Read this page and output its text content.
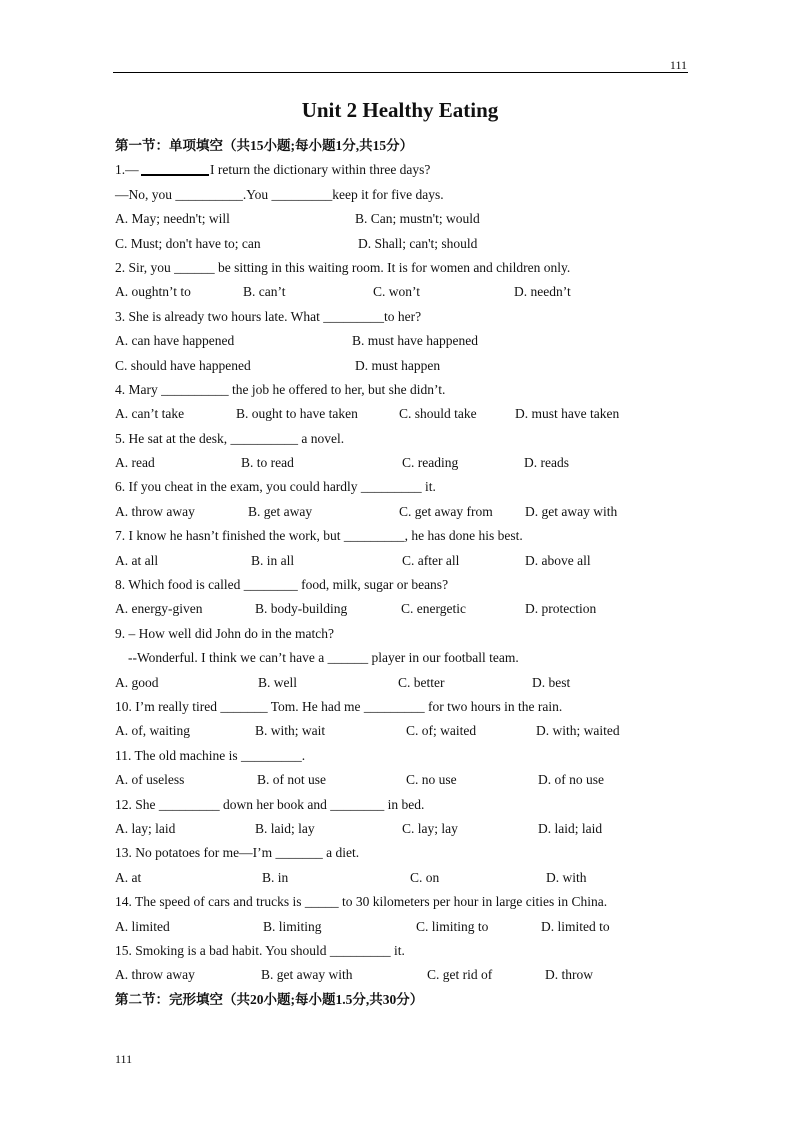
111
Unit 2 Healthy Eating
第一节：单项填空（共15小题;每小题1分,共15分）

1.—

	I return the dictionary within three days?

—No, you __________.You _________keep it for five days.

A. May; needn't; will

	B. Can; mustn't; would

C. Must; don't have to; can

	D. Shall; can't; should

2. Sir, you ______ be sitting in this waiting room. It is for women and children only.

A. oughtn’t to

	B. can’t

	C. won’t

	D. needn’t

3. She is already two hours late. What _________to her?

A. can have happened

	B. must have happened

C. should have happened

	D. must happen

4. Mary __________ the job he offered to her, but she didn’t.

A. can’t take

	B. ought to have taken

	C. should take

	D. must have taken

5. He sat at the desk, __________ a novel.

A. read

	B. to read

	C. reading

	D. reads

6. If you cheat in the exam, you could hardly _________ it.

A. throw away

	B. get away

	C. get away from

D. get away with

7. I know he hasn’t finished the work, but _________, he has done his best.

A. at all

	B. in all

	C. after all

	D. above all

8. Which food is called ________ food, milk, sugar or beans?

A. energy-given

	B. body-building

	C. energetic

	D. protection

9. – How well did John do in the match?
--Wonderful. I think we can’t have a ______ player in our football team.

A. good

	B. well

	C. better

	D. best

10. I’m really tired _______ Tom. He had me _________ for two hours in the rain.

A. of, waiting

	B. with; wait

	C. of; waited

	D. with; waited

11. The old machine is _________.

A. of useless

	B. of not use

	C. no use

	D. of no use

12. She _________ down her book and ________ in bed.

A. lay; laid

	B. laid; lay

	C. lay; lay

	D. laid; laid

13. No potatoes for me—I’m _______ a diet.

A. at

	B. in

	C. on

	D. with

14. The speed of cars and trucks is _____ to 30 kilometers per hour in large cities in China.

A. limited

	B. limiting

	C. limiting to

	D. limited to

15. Smoking is a bad habit. You should _________ it.

A. throw away

	B. get away with

	C. get rid of

	D. throw

第二节：完形填空（共20小题;每小题1.5分,共30分）
111
